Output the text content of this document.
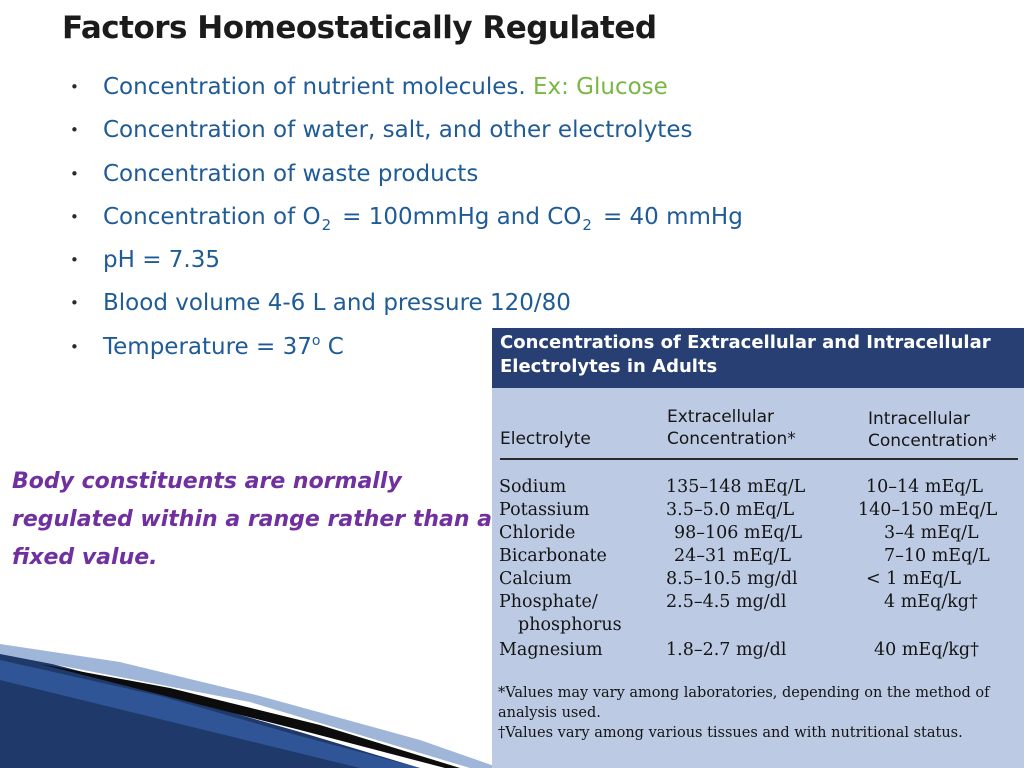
Factors Homeostatically Regulated
• Concentration of nutrient molecules. Ex: Glucose
• Concentration of water, salt, and other electrolytes
• Concentration of waste products
• Concentration of $O_2$ = 100mmHg and $CO_2 = 40$ mmHg
• pH = 7.35
• Blood volume 4-6 L and pressure 120/80
• Temperature = $37^o$ C

Body constituents are normally regulated within a range rather than a fixed value.

Concentrations of Extracellular and Intracellular Electrolytes in Adults

Electrolyte

Extracellular
Concentration*

Intracellular
Concentration*

Sodium	135–148 mEq/L	10–14 mEq/L
Potassium	3.5–5.0 mEq/L	140–150 mEq/L
Chloride	98–106 mEq/L	3–4 mEq/L
Bicarbonate	24–31 mEq/L	7–10 mEq/L
Calcium	8.5–10.5 mg/dl	< 1 mEq/L
Phosphate/	2.5–4.5 mg/dl	4 mEq/kg†
phosphorus
Magnesium	1.8–2.7 mg/dl	40 mEq/kg†

*Values may vary among laboratories, depending on the method of analysis used.

†Values vary among various tissues and with nutritional status.
